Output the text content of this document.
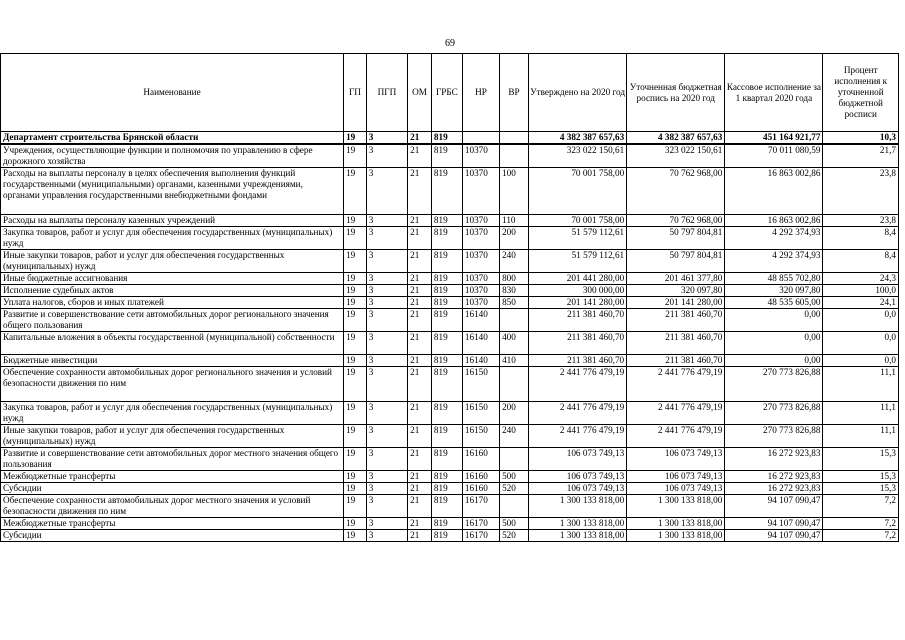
69
Наименование	ГП	ПГП	ОМ	ГРБС	НР	ВР	Утверждено на 2020 год	Уточненная бюджетная роспись на 2020 год	Кассовое исполнение за 1 квартал 2020 года	Процент исполнения к уточненной бюджетной росписи
Департамент строительства Брянской области	19	3	21	819			4 382 387 657,63	4 382 387 657,63	451 164 921,77	10,3
Учреждения, осуществляющие функции и полномочия по управлению в сфере дорожного хозяйства	19	3	21	819	10370		323 022 150,61	323 022 150,61	70 011 080,59	21,7
Расходы на выплаты персоналу в целях обеспечения выполнения функций государственными (муниципальными) органами, казенными учреждениями, органами управления государственными внебюджетными фондами	19	3	21	819	10370	100	70 001 758,00	70 762 968,00	16 863 002,86	23,8
Расходы на выплаты персоналу казенных учреждений	19	3	21	819	10370	110	70 001 758,00	70 762 968,00	16 863 002,86	23,8
Закупка товаров, работ и услуг для обеспечения государственных (муниципальных) нужд	19	3	21	819	10370	200	51 579 112,61	50 797 804,81	4 292 374,93	8,4
Иные закупки товаров, работ и услуг для обеспечения государственных (муниципальных) нужд	19	3	21	819	10370	240	51 579 112,61	50 797 804,81	4 292 374,93	8,4
Иные бюджетные ассигнования	19	3	21	819	10370	800	201 441 280,00	201 461 377,80	48 855 702,80	24,3
Исполнение судебных актов	19	3	21	819	10370	830	300 000,00	320 097,80	320 097,80	100,0
Уплата налогов, сборов и иных платежей	19	3	21	819	10370	850	201 141 280,00	201 141 280,00	48 535 605,00	24,1
Развитие и совершенствование сети автомобильных дорог регионального значения общего пользования	19	3	21	819	16140		211 381 460,70	211 381 460,70	0,00	0,0
Капитальные вложения в объекты государственной (муниципальной) собственности	19	3	21	819	16140	400	211 381 460,70	211 381 460,70	0,00	0,0
Бюджетные инвестиции	19	3	21	819	16140	410	211 381 460,70	211 381 460,70	0,00	0,0
Обеспечение сохранности автомобильных дорог регионального значения и условий безопасности движения по ним	19	3	21	819	16150		2 441 776 479,19	2 441 776 479,19	270 773 826,88	11,1
Закупка товаров, работ и услуг для обеспечения государственных (муниципальных) нужд	19	3	21	819	16150	200	2 441 776 479,19	2 441 776 479,19	270 773 826,88	11,1
Иные закупки товаров, работ и услуг для обеспечения государственных (муниципальных) нужд	19	3	21	819	16150	240	2 441 776 479,19	2 441 776 479,19	270 773 826,88	11,1
Развитие и совершенствование сети автомобильных дорог местного значения общего пользования	19	3	21	819	16160		106 073 749,13	106 073 749,13	16 272 923,83	15,3
Межбюджетные трансферты	19	3	21	819	16160	500	106 073 749,13	106 073 749,13	16 272 923,83	15,3
Субсидии	19	3	21	819	16160	520	106 073 749,13	106 073 749,13	16 272 923,83	15,3
Обеспечение сохранности автомобильных дорог местного значения и условий безопасности движения по ним	19	3	21	819	16170		1 300 133 818,00	1 300 133 818,00	94 107 090,47	7,2
Межбюджетные трансферты	19	3	21	819	16170	500	1 300 133 818,00	1 300 133 818,00	94 107 090,47	7,2
Субсидии	19	3	21	819	16170	520	1 300 133 818,00	1 300 133 818,00	94 107 090,47	7,2
